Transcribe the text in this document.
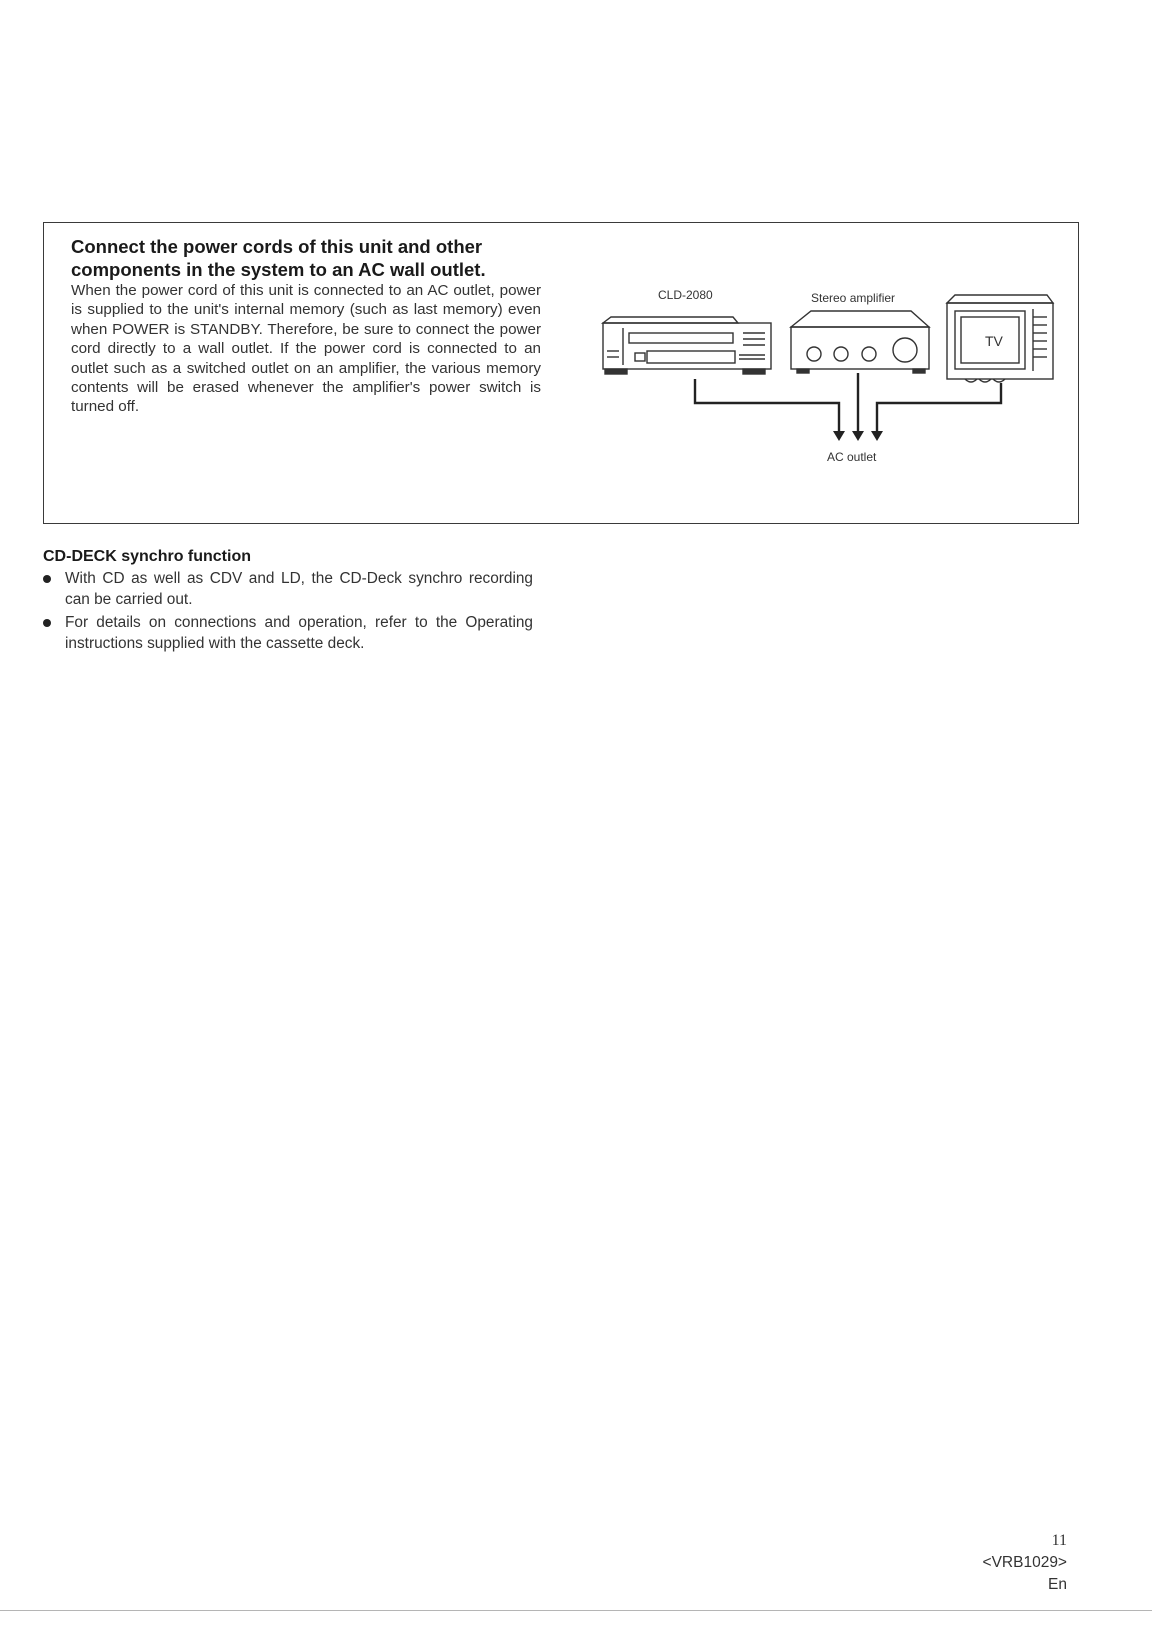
Connect the power cords of this unit and other
components in the system to an AC wall outlet.

When the power cord of this unit is connected to an AC outlet, power is supplied to the unit's internal memory (such as last memory) even when POWER is STANDBY. Therefore, be sure to connect the power cord directly to a wall outlet. If the power cord is connected to an outlet such as a switched outlet on an amplifier, the various memory contents will be erased whenever the amplifier's power switch is turned off.

CLD-2080	Stereo amplifier
TV
AC outlet

CD-DECK synchro function

With CD as well as CDV and LD, the CD-Deck synchro recording can be carried out.
For details on connections and operation, refer to the Operating instructions supplied with the cassette deck.
11
<VRB1029>
En
